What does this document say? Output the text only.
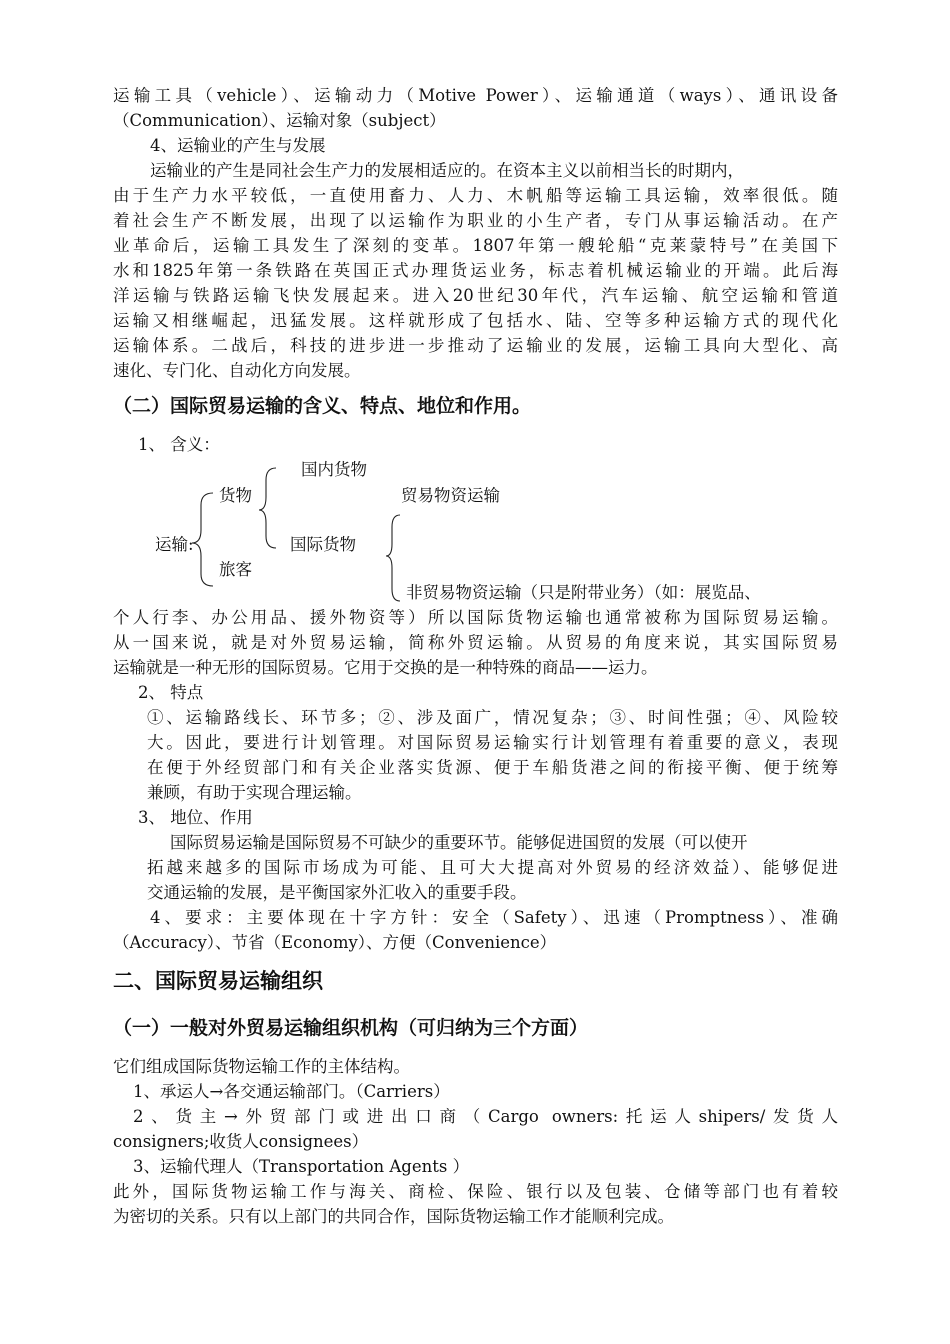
运输工具（vehicle）、运输动力（Motive Power）、运输通道（ways）、通讯设备
（Communication）、运输对象（subject）
4、运输业的产生与发展
运输业的产生是同社会生产力的发展相适应的。在资本主义以前相当长的时期内，
由于生产力水平较低，一直使用畜力、人力、木帆船等运输工具运输，效率很低。随
着社会生产不断发展，出现了以运输作为职业的小生产者，专门从事运输活动。在产
业革命后，运输工具发生了深刻的变革。1807年第一艘轮船“克莱蒙特号”在美国下
水和1825年第一条铁路在英国正式办理货运业务，标志着机械运输业的开端。此后海
洋运输与铁路运输飞快发展起来。进入20世纪30年代，汽车运输、航空运输和管道
运输又相继崛起，迅猛发展。这样就形成了包括水、陆、空等多种运输方式的现代化
运输体系。二战后，科技的进步进一步推动了运输业的发展，运输工具向大型化、高
速化、专门化、自动化方向发展。
（二）国际贸易运输的含义、特点、地位和作用。
1、 含义：
国内货物
货物	贸易物资运输
运输:	国际货物
旅客
非贸易物资运输（只是附带业务）（如：展览品、
个人行李、办公用品、援外物资等）所以国际货物运输也通常被称为国际贸易运输。
从一国来说，就是对外贸易运输，简称外贸运输。从贸易的角度来说，其实国际贸易
运输就是一种无形的国际贸易。它用于交换的是一种特殊的商品——运力。
2、 特点
①、运输路线长、环节多；②、涉及面广，情况复杂；③、时间性强；④、风险较
大。因此，要进行计划管理。对国际贸易运输实行计划管理有着重要的意义，表现
在便于外经贸部门和有关企业落实货源、便于车船货港之间的衔接平衡、便于统筹
兼顾，有助于实现合理运输。
3、 地位、作用
国际贸易运输是国际贸易不可缺少的重要环节。能够促进国贸的发展（可以使开
拓越来越多的国际市场成为可能、且可大大提高对外贸易的经济效益）、能够促进
交通运输的发展，是平衡国家外汇收入的重要手段。
4、要求：主要体现在十字方针：安全（Safety）、迅速（Promptness）、准确
（Accuracy）、节省（Economy）、方便（Convenience）
二、国际贸易运输组织
（一）一般对外贸易运输组织机构（可归纳为三个方面）
它们组成国际货物运输工作的主体结构。
1、承运人→各交通运输部门。（Carriers）
2、货主→外贸部门或进出口商（Cargo owners:托运人shipers/发货人
consigners;收货人consignees）
3、运输代理人（Transportation Agents ）
此外，国际货物运输工作与海关、商检、保险、银行以及包装、仓储等部门也有着较
为密切的关系。只有以上部门的共同合作，国际货物运输工作才能顺利完成。
